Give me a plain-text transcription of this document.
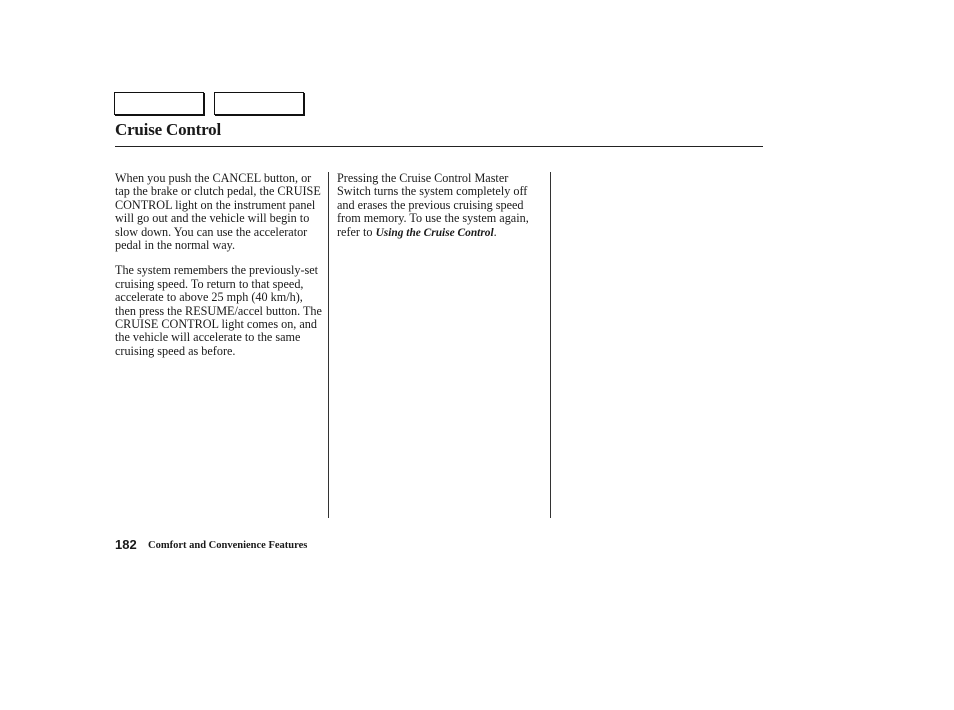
Cruise Control

When you push the CANCEL button, or tap the brake or clutch pedal, the CRUISE CONTROL light on the instrument panel will go out and the vehicle will begin to slow down. You can use the accelerator pedal in the normal way.

The system remembers the previously-set cruising speed. To return to that speed, accelerate to above 25 mph (40 km/h), then press the RESUME/accel button. The CRUISE CONTROL light comes on, and the vehicle will accelerate to the same cruising speed as before.

Pressing the Cruise Control Master Switch turns the system completely off and erases the previous cruising speed from memory. To use the system again, refer to Using the Cruise Control.

182 Comfort and Convenience Features
